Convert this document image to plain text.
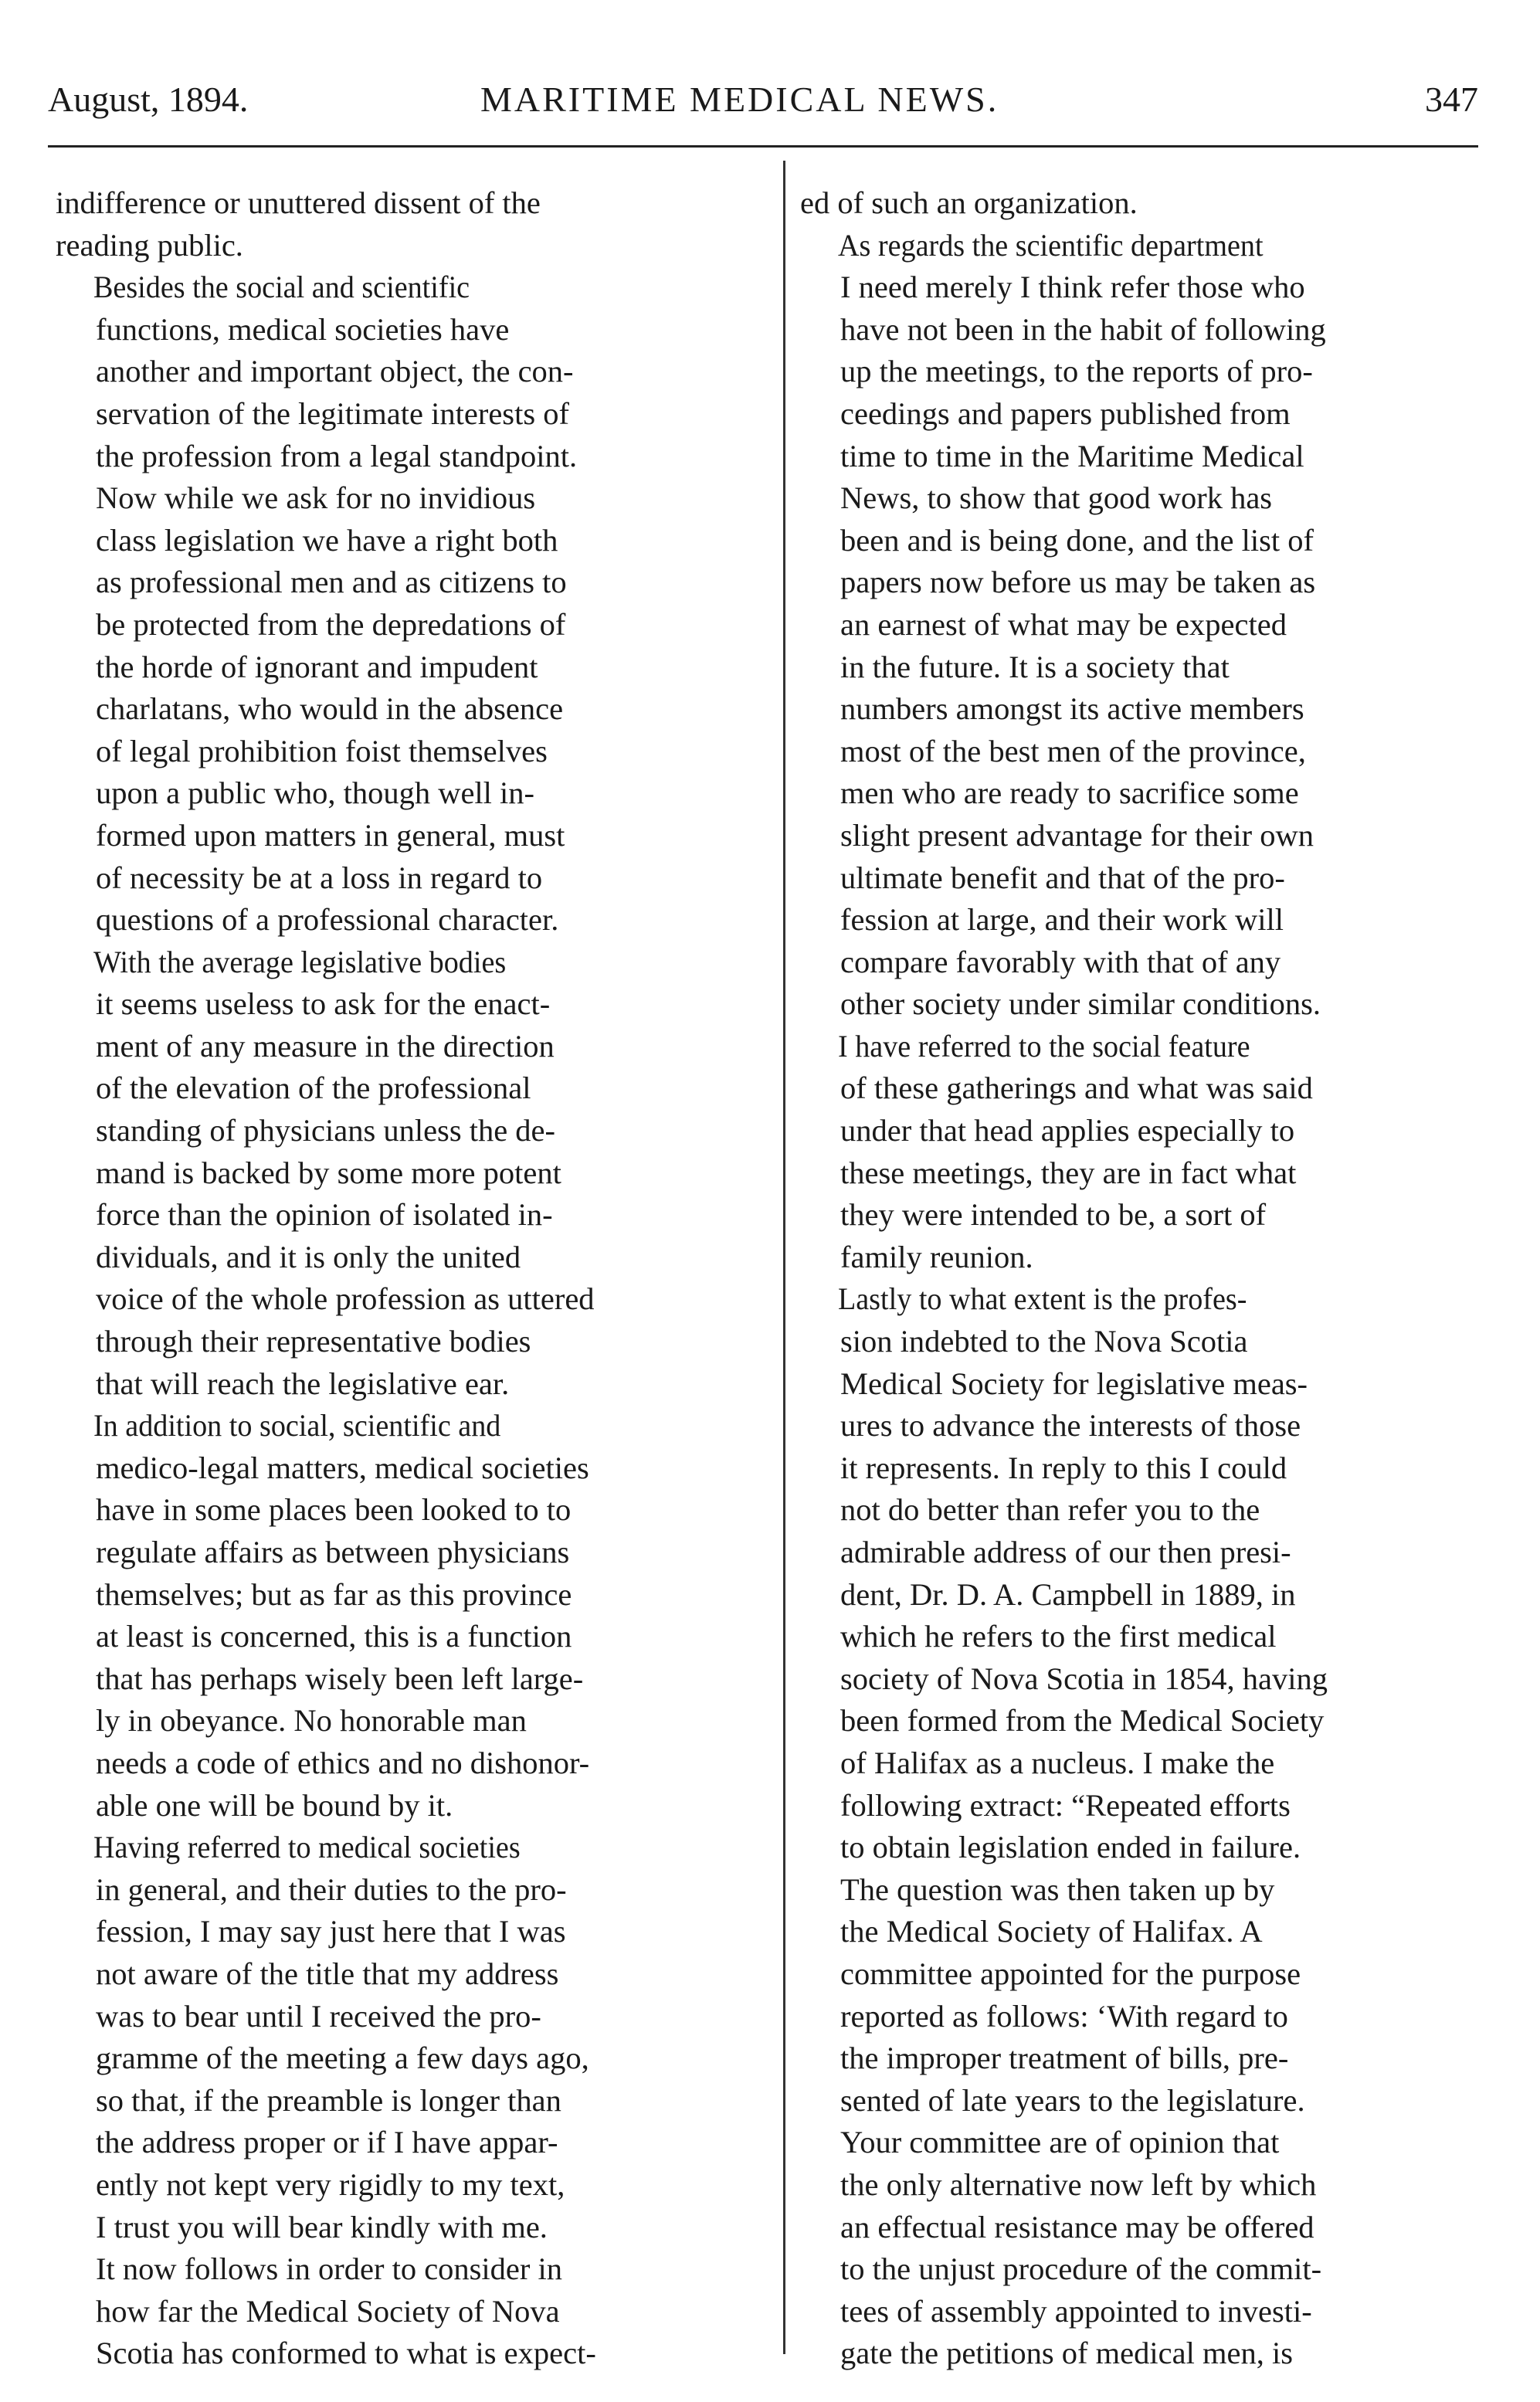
August, 1894.	MARITIME MEDICAL NEWS.	347

indifference or unuttered dissent of the
reading public.

Besides the social and scientific
functions, medical societies have
another and important object, the con-
servation of the legitimate interests of
the profession from a legal standpoint.
Now while we ask for no invidious
class legislation we have a right both
as professional men and as citizens to
be protected from the depredations of
the horde of ignorant and impudent
charlatans, who would in the absence
of legal prohibition foist themselves
upon a public who, though well in-
formed upon matters in general, must
of necessity be at a loss in regard to
questions of a professional character.

With the average legislative bodies
it seems useless to ask for the enact-
ment of any measure in the direction
of the elevation of the professional
standing of physicians unless the de-
mand is backed by some more potent
force than the opinion of isolated in-
dividuals, and it is only the united
voice of the whole profession as uttered
through their representative bodies
that will reach the legislative ear.

In addition to social, scientific and
medico-legal matters, medical societies
have in some places been looked to to
regulate affairs as between physicians
themselves; but as far as this province
at least is concerned, this is a function
that has perhaps wisely been left large-
ly in obeyance. No honorable man
needs a code of ethics and no dishonor-
able one will be bound by it.

Having referred to medical societies
in general, and their duties to the pro-
fession, I may say just here that I was
not aware of the title that my address
was to bear until I received the pro-
gramme of the meeting a few days ago,
so that, if the preamble is longer than
the address proper or if I have appar-
ently not kept very rigidly to my text,
I trust you will bear kindly with me.
It now follows in order to consider in
how far the Medical Society of Nova
Scotia has conformed to what is expect-

ed of such an organization.

As regards the scientific department
I need merely I think refer those who
have not been in the habit of following
up the meetings, to the reports of pro-
ceedings and papers published from
time to time in the Maritime Medical
News, to show that good work has
been and is being done, and the list of
papers now before us may be taken as
an earnest of what may be expected
in the future. It is a society that
numbers amongst its active members
most of the best men of the province,
men who are ready to sacrifice some
slight present advantage for their own
ultimate benefit and that of the pro-
fession at large, and their work will
compare favorably with that of any
other society under similar conditions.

I have referred to the social feature
of these gatherings and what was said
under that head applies especially to
these meetings, they are in fact what
they were intended to be, a sort of
family reunion.

Lastly to what extent is the profes-
sion indebted to the Nova Scotia
Medical Society for legislative meas-
ures to advance the interests of those
it represents. In reply to this I could
not do better than refer you to the
admirable address of our then presi-
dent, Dr. D. A. Campbell in 1889, in
which he refers to the first medical
society of Nova Scotia in 1854, having
been formed from the Medical Society
of Halifax as a nucleus. I make the
following extract: “Repeated efforts
to obtain legislation ended in failure.
The question was then taken up by
the Medical Society of Halifax. A
committee appointed for the purpose
reported as follows: ‘With regard to
the improper treatment of bills, pre-
sented of late years to the legislature.
Your committee are of opinion that
the only alternative now left by which
an effectual resistance may be offered
to the unjust procedure of the commit-
tees of assembly appointed to investi-
gate the petitions of medical men, is
